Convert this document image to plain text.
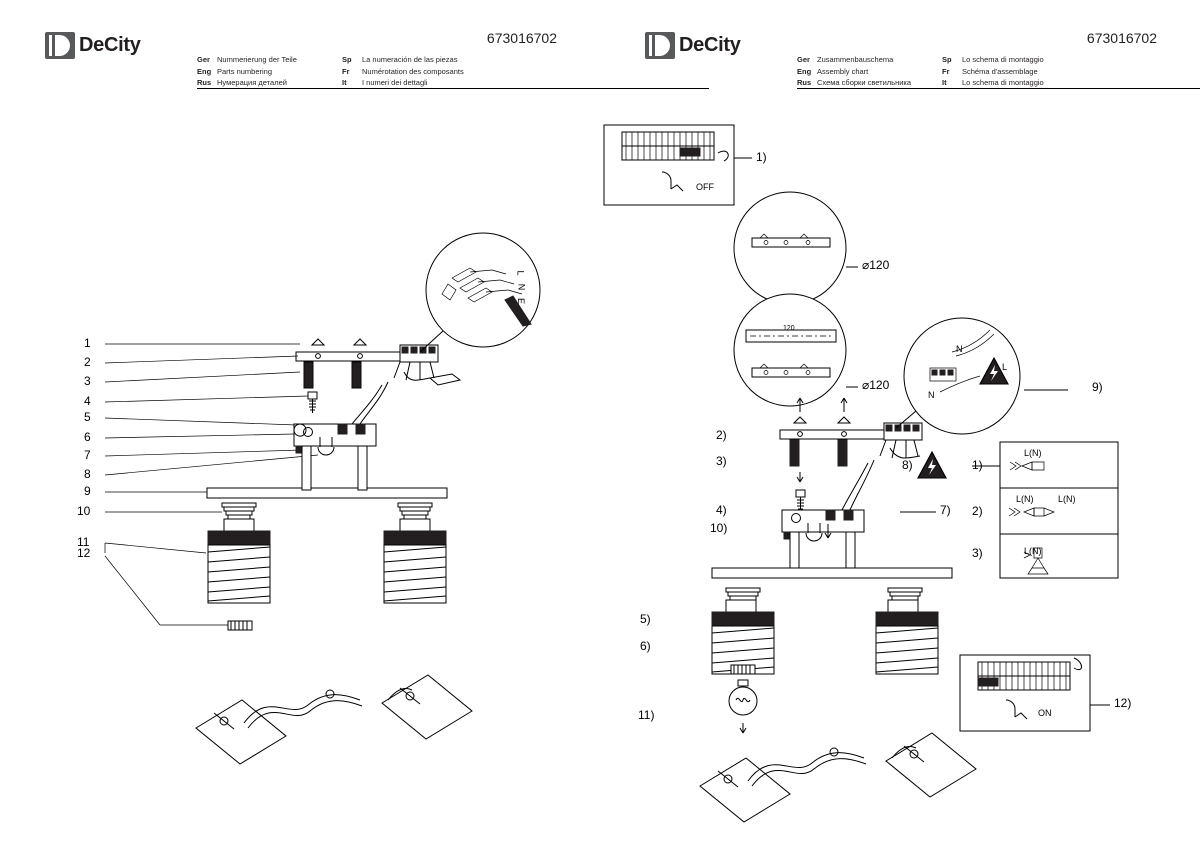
DeCity	673016702
Ger Nummerierung der Teile	Sp	La numeración de las piezas
Eng Parts numbering	Fr	Numérotation des composants
Rus Нумерация деталей	It	I numeri dei dettagli
1
2
3
4
5
6
7
8
9
10
11
12
L
N
E
DeCity	673016702
Ger Zusammenbauschema	Sp	Lo schema di montaggio
Eng Assembly chart	Fr	Schéma d'assemblage
Rus Схема сборки светильника	It	Lo schema di montaggio
1)
⌀120
⌀120
120
2)
3)
4)
10)
5)
6)
11)
7)
8)
9)
12)
1)
L(N)
2)
L(N)	L(N)
3)	L(N)
OFF
ON
N
L
N
